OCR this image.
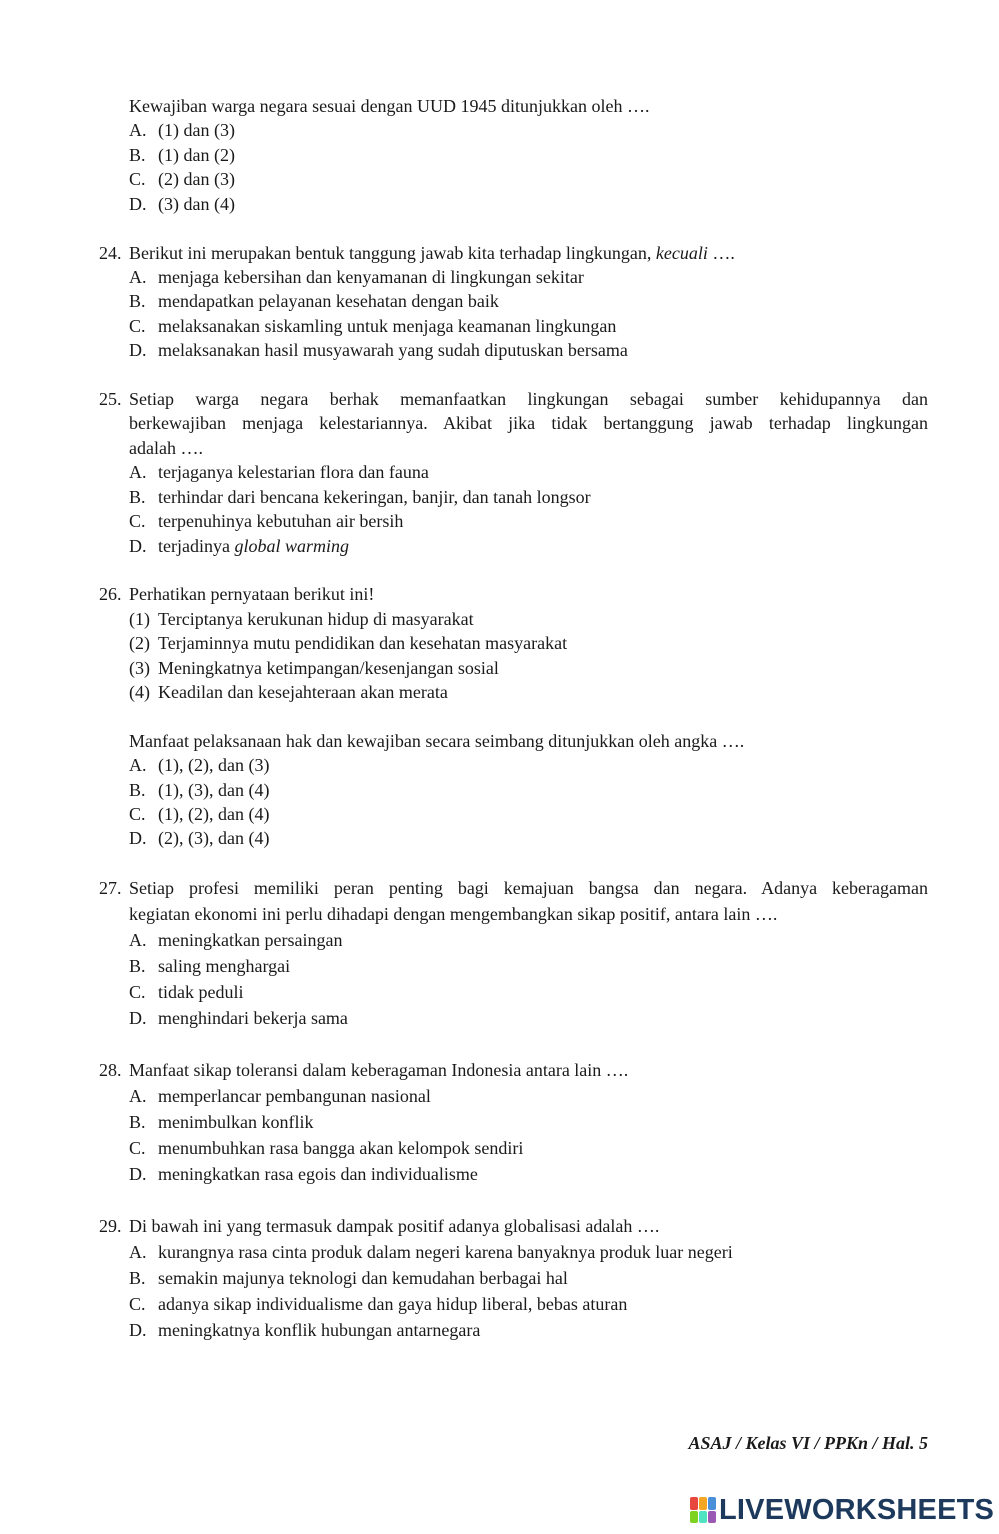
Kewajiban warga negara sesuai dengan UUD 1945 ditunjukkan oleh ….
A. (1) dan (3)
B. (1) dan (2)
C. (2) dan (3)
D. (3) dan (4)
24. Berikut ini merupakan bentuk tanggung jawab kita terhadap lingkungan, kecuali ….
A. menjaga kebersihan dan kenyamanan di lingkungan sekitar
B. mendapatkan pelayanan kesehatan dengan baik
C. melaksanakan siskamling untuk menjaga keamanan lingkungan
D. melaksanakan hasil musyawarah yang sudah diputuskan bersama
25. Setiap warga negara berhak memanfaatkan lingkungan sebagai sumber kehidupannya dan
berkewajiban menjaga kelestariannya. Akibat jika tidak bertanggung jawab terhadap lingkungan
adalah ….
A. terjaganya kelestarian flora dan fauna
B. terhindar dari bencana kekeringan, banjir, dan tanah longsor
C. terpenuhinya kebutuhan air bersih
D. terjadinya global warming
26. Perhatikan pernyataan berikut ini!
(1) Terciptanya kerukunan hidup di masyarakat
(2) Terjaminnya mutu pendidikan dan kesehatan masyarakat
(3) Meningkatnya ketimpangan/kesenjangan sosial
(4) Keadilan dan kesejahteraan akan merata
Manfaat pelaksanaan hak dan kewajiban secara seimbang ditunjukkan oleh angka ….
A. (1), (2), dan (3)
B. (1), (3), dan (4)
C. (1), (2), dan (4)
D. (2), (3), dan (4)
27. Setiap profesi memiliki peran penting bagi kemajuan bangsa dan negara. Adanya keberagaman
kegiatan ekonomi ini perlu dihadapi dengan mengembangkan sikap positif, antara lain ….
A. meningkatkan persaingan
B. saling menghargai
C. tidak peduli
D. menghindari bekerja sama
28. Manfaat sikap toleransi dalam keberagaman Indonesia antara lain ….
A. memperlancar pembangunan nasional
B. menimbulkan konflik
C. menumbuhkan rasa bangga akan kelompok sendiri
D. meningkatkan rasa egois dan individualisme
29. Di bawah ini yang termasuk dampak positif adanya globalisasi adalah ….
A. kurangnya rasa cinta produk dalam negeri karena banyaknya produk luar negeri
B. semakin majunya teknologi dan kemudahan berbagai hal
C. adanya sikap individualisme dan gaya hidup liberal, bebas aturan
D. meningkatnya konflik hubungan antarnegara
ASAJ / Kelas VI / PPKn / Hal. 5
LIVEWORKSHEETS
